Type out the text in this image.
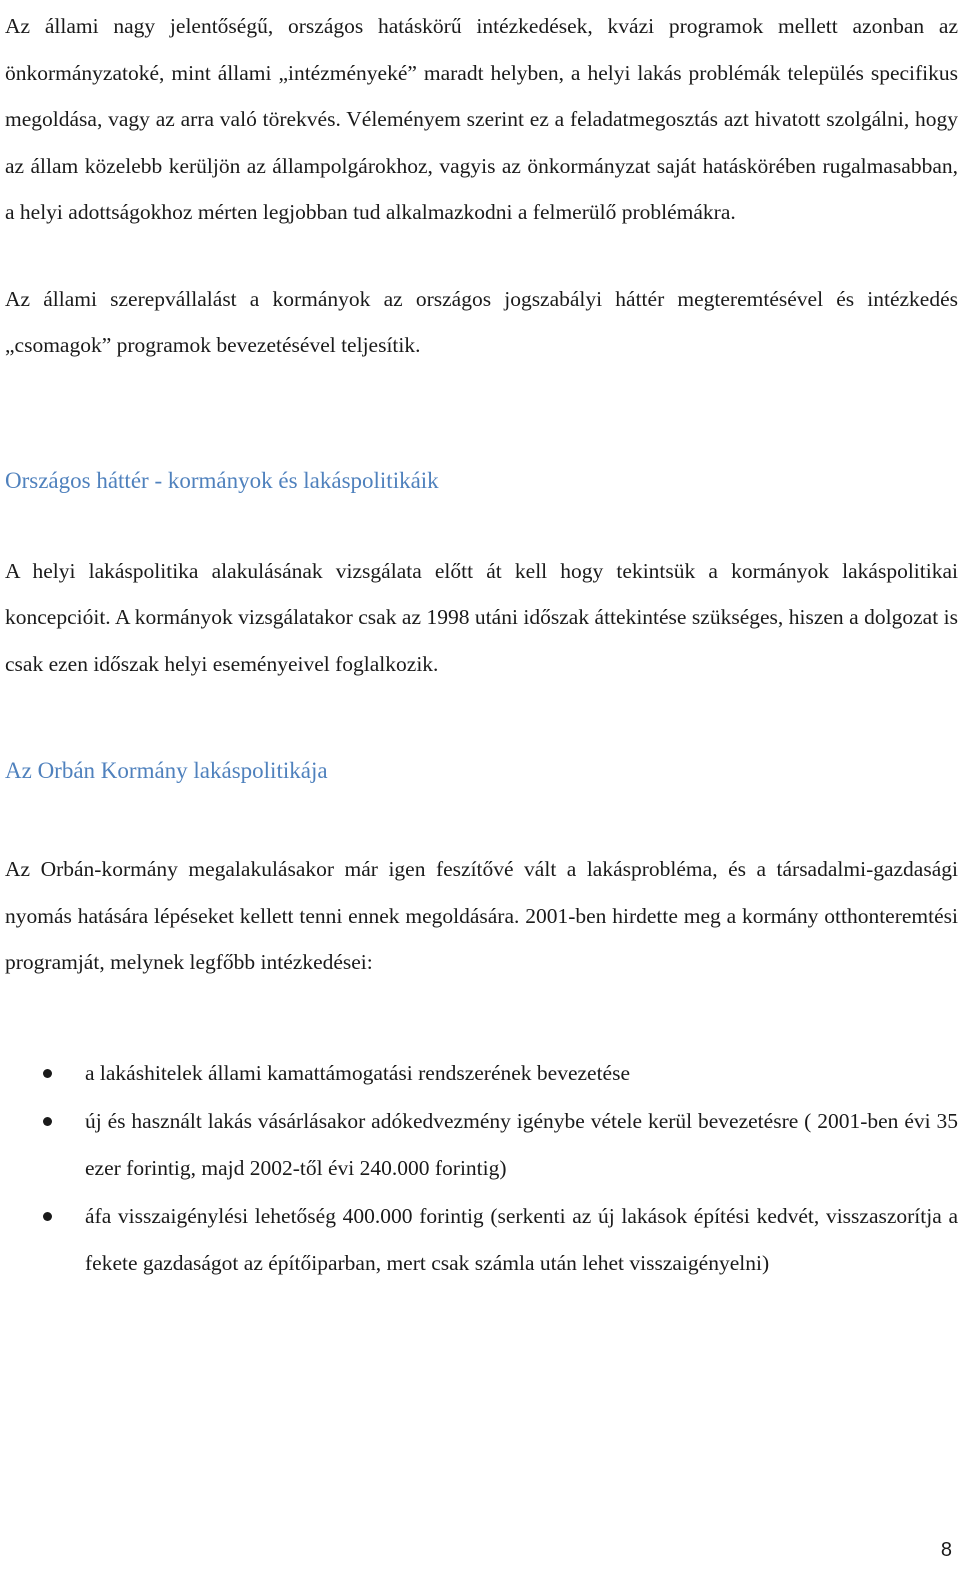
Az állami nagy jelentőségű, országos hatáskörű intézkedések, kvázi programok mellett azonban az önkormányzatoké, mint állami „intézményeké” maradt helyben, a helyi lakás problémák település specifikus megoldása, vagy az arra való törekvés. Véleményem szerint ez a feladatmegosztás azt hivatott szolgálni, hogy az állam közelebb kerüljön az állampolgárokhoz, vagyis az önkormányzat saját hatáskörében rugalmasabban, a helyi adottságokhoz mérten legjobban tud alkalmazkodni a felmerülő problémákra.

Az állami szerepvállalást a kormányok az országos jogszabályi háttér megteremtésével és intézkedés „csomagok” programok bevezetésével teljesítik.

Országos háttér - kormányok és lakáspolitikáik

A helyi lakáspolitika alakulásának vizsgálata előtt át kell hogy tekintsük a kormányok lakáspolitikai koncepcióit. A kormányok vizsgálatakor csak az 1998 utáni időszak áttekintése szükséges, hiszen a dolgozat is csak ezen időszak helyi eseményeivel foglalkozik.

Az Orbán Kormány lakáspolitikája

Az Orbán-kormány megalakulásakor már igen feszítővé vált a lakásprobléma, és a társadalmi-gazdasági nyomás hatására lépéseket kellett tenni ennek megoldására. 2001-ben hirdette meg a kormány otthonteremtési programját, melynek legfőbb intézkedései:

a lakáshitelek állami kamattámogatási rendszerének bevezetése
új és használt lakás vásárlásakor adókedvezmény igénybe vétele kerül bevezetésre ( 2001-ben évi 35 ezer forintig, majd 2002-től évi 240.000 forintig)
áfa visszaigénylési lehetőség 400.000 forintig (serkenti az új lakások építési kedvét, visszaszorítja a fekete gazdaságot az építőiparban, mert csak számla után lehet visszaigényelni)
8
